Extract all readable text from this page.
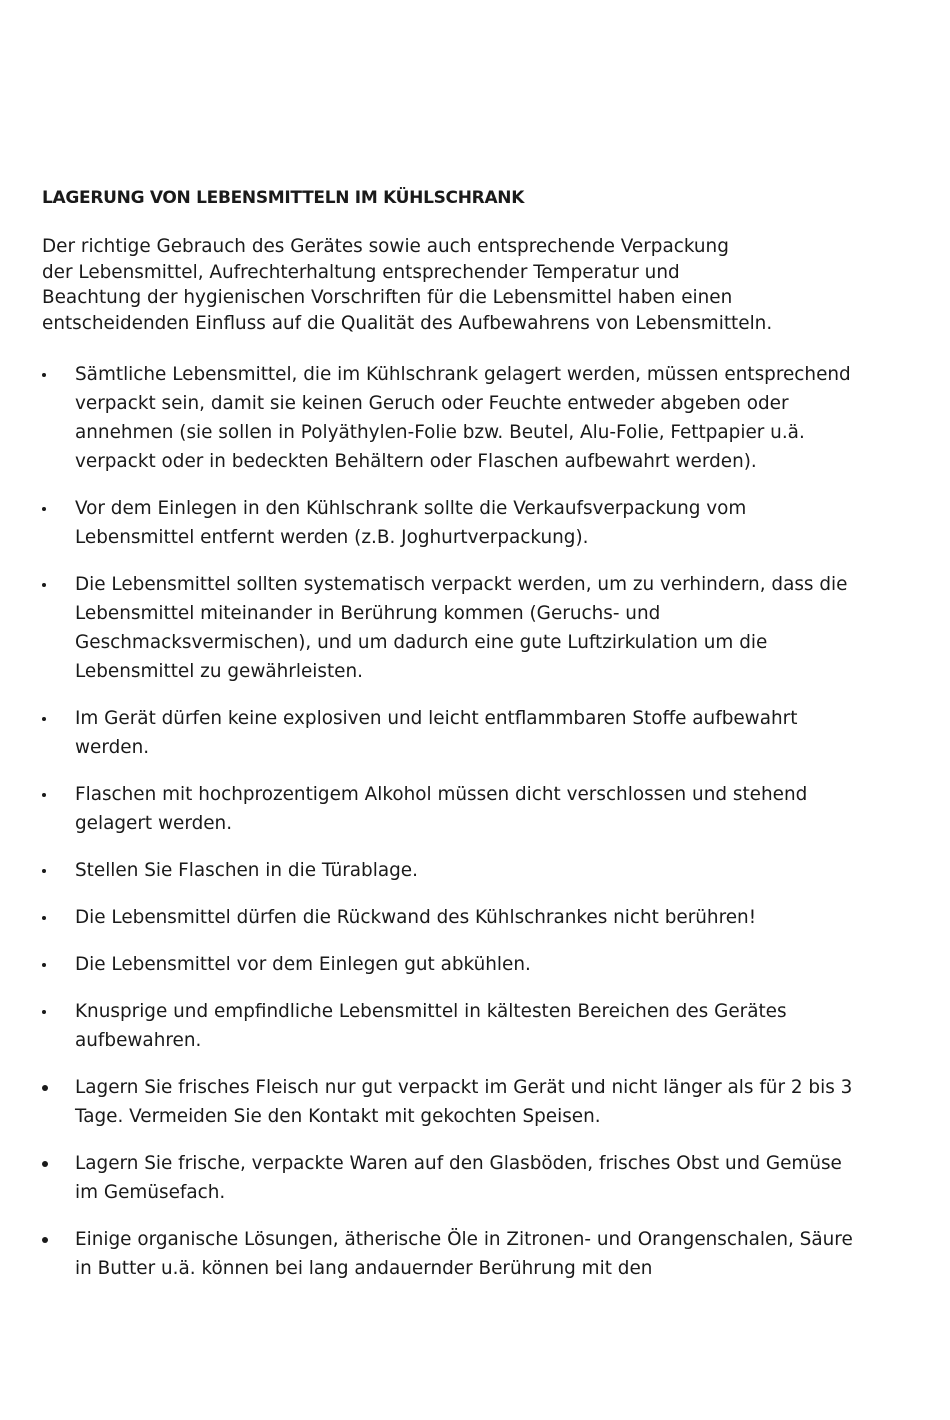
LAGERUNG VON LEBENSMITTELN IM KÜHLSCHRANK

Der richtige Gebrauch des Gerätes sowie auch entsprechende Verpackung
der Lebensmittel, Aufrechterhaltung entsprechender Temperatur und
Beachtung der hygienischen Vorschriften für die Lebensmittel haben einen
entscheidenden Einfluss auf die Qualität des Aufbewahrens von Lebensmitteln.

Sämtliche Lebensmittel, die im Kühlschrank gelagert werden, müssen entsprechend
verpackt sein, damit sie keinen Geruch oder Feuchte entweder abgeben oder
annehmen (sie sollen in Polyäthylen-Folie bzw. Beutel, Alu-Folie, Fettpapier u.ä.
verpackt oder in bedeckten Behältern oder Flaschen aufbewahrt werden).
Vor dem Einlegen in den Kühlschrank sollte die Verkaufsverpackung vom
Lebensmittel entfernt werden (z.B. Joghurtverpackung).
Die Lebensmittel sollten systematisch verpackt werden, um zu verhindern, dass die
Lebensmittel miteinander in Berührung kommen (Geruchs- und
Geschmacksvermischen), und um dadurch eine gute Luftzirkulation um die
Lebensmittel zu gewährleisten.
Im Gerät dürfen keine explosiven und leicht entflammbaren Stoffe aufbewahrt
werden.
Flaschen mit hochprozentigem Alkohol müssen dicht verschlossen und stehend
gelagert werden.
Stellen Sie Flaschen in die Türablage.
Die Lebensmittel dürfen die Rückwand des Kühlschrankes nicht berühren!
Die Lebensmittel vor dem Einlegen gut abkühlen.
Knusprige und empfindliche Lebensmittel in kältesten Bereichen des Gerätes
aufbewahren.
Lagern Sie frisches Fleisch nur gut verpackt im Gerät und nicht länger als für 2 bis 3
Tage. Vermeiden Sie den Kontakt mit gekochten Speisen.
Lagern Sie frische, verpackte Waren auf den Glasböden, frisches Obst und Gemüse
im Gemüsefach.
Einige organische Lösungen, ätherische Öle in Zitronen- und Orangenschalen, Säure
in Butter u.ä. können bei lang andauernder Berührung mit den
